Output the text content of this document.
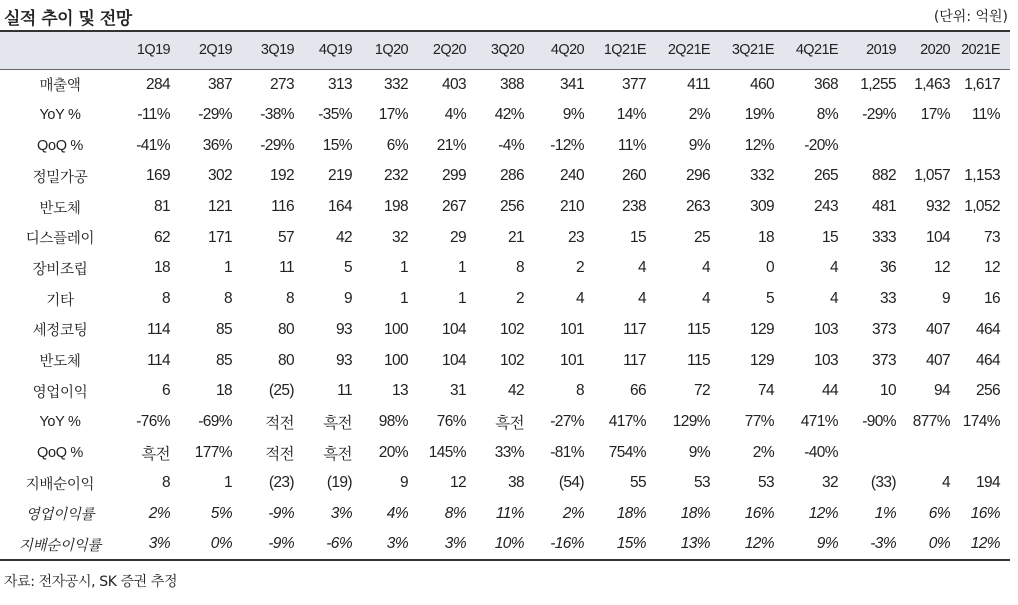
실적 추이 및 전망	(단위: 억원)
	1Q19	2Q19	3Q19	4Q19	1Q20	2Q20	3Q20	4Q20	1Q21E	2Q21E	3Q21E	4Q21E	2019	2020	2021E
매출액	284	387	273	313	332	403	388	341	377	411	460	368	1,255	1,463	1,617
YoY %	-11%	-29%	-38%	-35%	17%	4%	42%	9%	14%	2%	19%	8%	-29%	17%	11%
QoQ %	-41%	36%	-29%	15%	6%	21%	-4%	-12%	11%	9%	12%	-20%			
정밀가공	169	302	192	219	232	299	286	240	260	296	332	265	882	1,057	1,153
반도체	81	121	116	164	198	267	256	210	238	263	309	243	481	932	1,052
디스플레이	62	171	57	42	32	29	21	23	15	25	18	15	333	104	73
장비조립	18	1	11	5	1	1	8	2	4	4	0	4	36	12	12
기타	8	8	8	9	1	1	2	4	4	4	5	4	33	9	16
세정코팅	114	85	80	93	100	104	102	101	117	115	129	103	373	407	464
반도체	114	85	80	93	100	104	102	101	117	115	129	103	373	407	464
영업이익	6	18	(25)	11	13	31	42	8	66	72	74	44	10	94	256
YoY %	-76%	-69%	적전	흑전	98%	76%	흑전	-27%	417%	129%	77%	471%	-90%	877%	174%
QoQ %	흑전	177%	적전	흑전	20%	145%	33%	-81%	754%	9%	2%	-40%			
지배순이익	8	1	(23)	(19)	9	12	38	(54)	55	53	53	32	(33)	4	194
영업이익률	2%	5%	-9%	3%	4%	8%	11%	2%	18%	18%	16%	12%	1%	6%	16%
지배순이익률	3%	0%	-9%	-6%	3%	3%	10%	-16%	15%	13%	12%	9%	-3%	0%	12%
자료: 전자공시, SK 증권 추정
